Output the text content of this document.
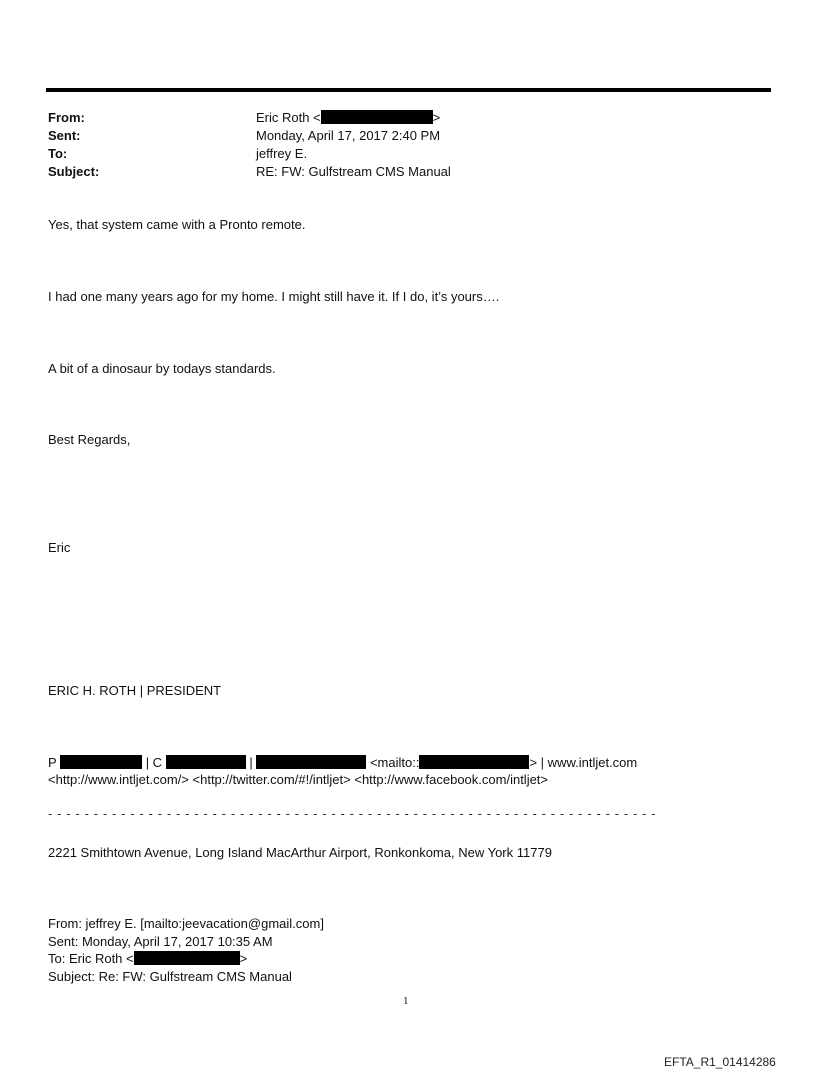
From:	Eric Roth <	>
Sent:	Monday, April 17, 2017 2:40 PM
To:	jeffrey E.
Subject:	RE: FW: Gulfstream CMS Manual
Yes, that system came with a Pronto remote.
I had one many years ago for my home. I might still have it. If I do, it’s yours….
A bit of a dinosaur by todays standards.
Best Regards,
Eric
ERIC H. ROTH | PRESIDENT
P	| C	|	<mailto::	> | www.intljet.com
<http://www.intljet.com/> <http://twitter.com/#!/intljet> <http://www.facebook.com/intljet>
- - - - - - - - - - - - - - - - - - - - - - - - - - - - - - - - - - - - - - - - - - - - - - - - - - - - - - - - - - - - - - - - - - -
2221 Smithtown Avenue, Long Island MacArthur Airport, Ronkonkoma, New York 11779
From: jeffrey E. [mailto:jeevacation@gmail.com]
Sent: Monday, April 17, 2017 10:35 AM
To: Eric Roth <	>
Subject: Re: FW: Gulfstream CMS Manual
1
EFTA_R1_01414286
